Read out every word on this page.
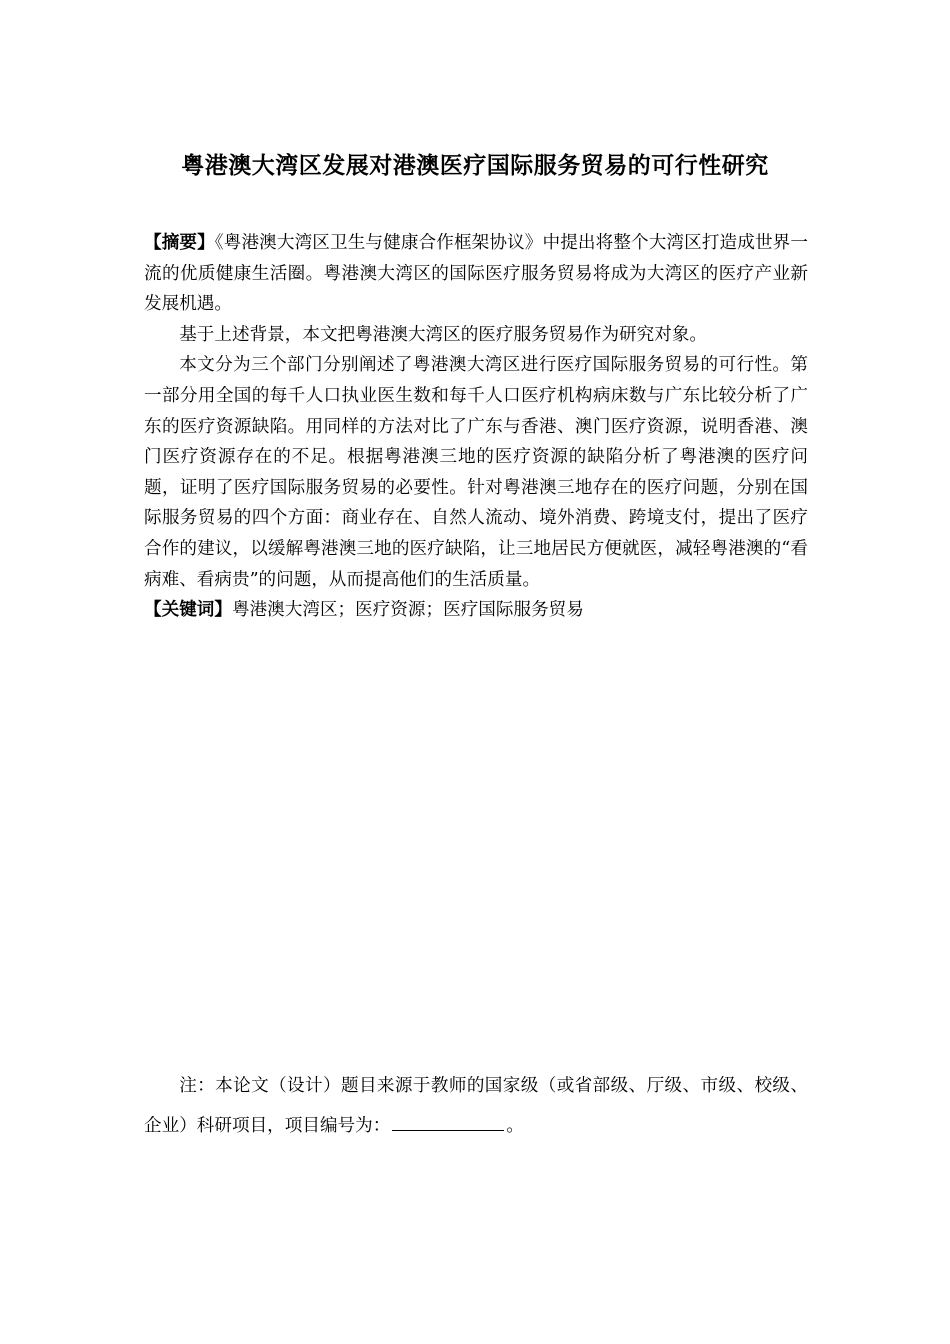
粤港澳大湾区发展对港澳医疗国际服务贸易的可行性研究

【摘要】《粤港澳大湾区卫生与健康合作框架协议》中提出将整个大湾区打造成世界一流的优质健康生活圈。粤港澳大湾区的国际医疗服务贸易将成为大湾区的医疗产业新发展机遇。

基于上述背景，本文把粤港澳大湾区的医疗服务贸易作为研究对象。

本文分为三个部门分别阐述了粤港澳大湾区进行医疗国际服务贸易的可行性。第一部分用全国的每千人口执业医生数和每千人口医疗机构病床数与广东比较分析了广东的医疗资源缺陷。用同样的方法对比了广东与香港、澳门医疗资源，说明香港、澳门医疗资源存在的不足。根据粤港澳三地的医疗资源的缺陷分析了粤港澳的医疗问题，证明了医疗国际服务贸易的必要性。针对粤港澳三地存在的医疗问题，分别在国际服务贸易的四个方面：商业存在、自然人流动、境外消费、跨境支付，提出了医疗合作的建议，以缓解粤港澳三地的医疗缺陷，让三地居民方便就医，减轻粤港澳的“看病难、看病贵”的问题，从而提高他们的生活质量。

【关键词】粤港澳大湾区；医疗资源；医疗国际服务贸易

注：本论文（设计）题目来源于教师的国家级（或省部级、厅级、市级、校级、企业）科研项目，项目编号为：	。
